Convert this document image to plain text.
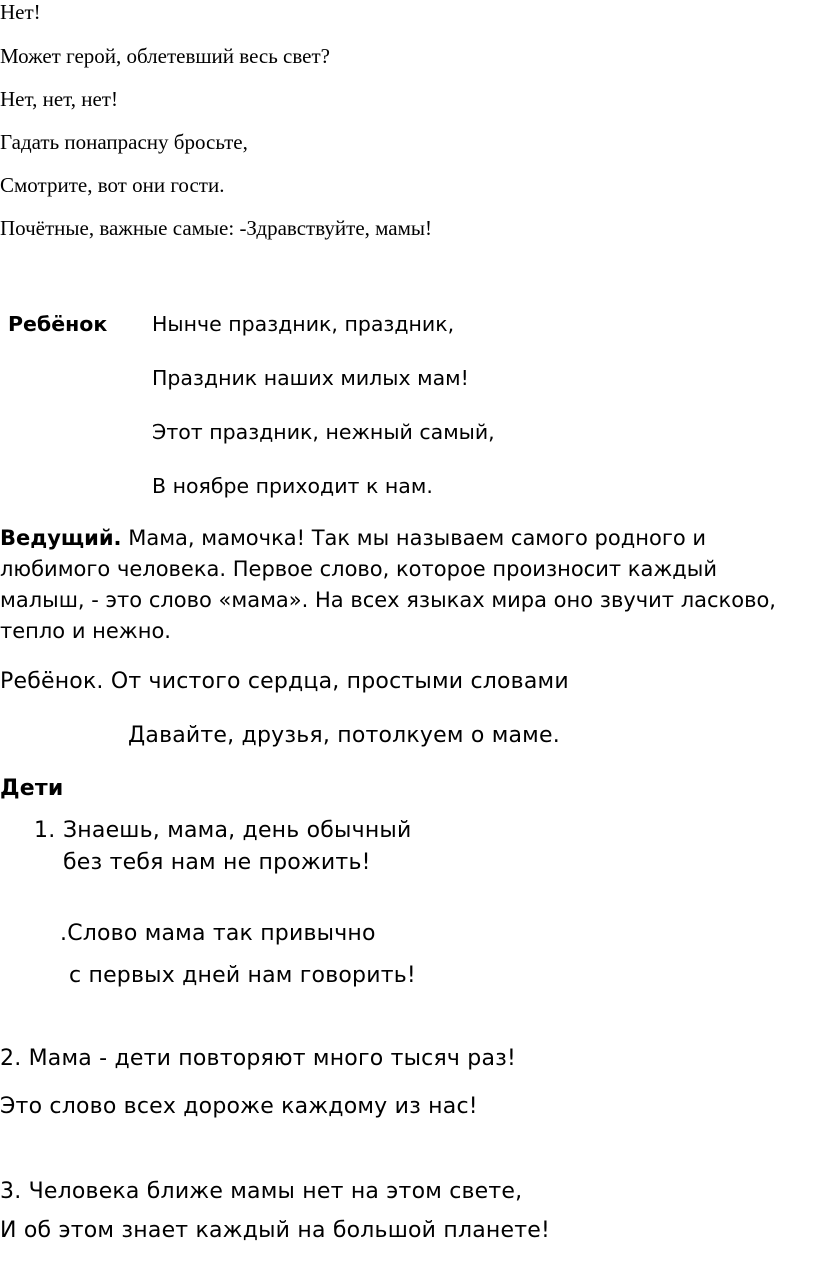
Нет!

Может герой, облетевший весь свет?

Нет, нет, нет!

Гадать понапрасну бросьте,

Смотрите, вот они гости.

Почётные, важные самые: -Здравствуйте, мамы!

Ребёнок Нынче праздник, праздник,

Праздник наших милых мам!

Этот праздник, нежный самый,

В ноябре приходит к нам.

Ведущий. Мама, мамочка! Так мы называем самого родного и
любимого человека. Первое слово, которое произносит каждый
малыш, - это слово «мама». На всех языках мира оно звучит ласково,
тепло и нежно.

Ребёнок. От чистого сердца, простыми словами

Давайте, друзья, потолкуем о маме.

Дети

1. Знаешь, мама, день обычный

без тебя нам не прожить!

.Слово мама так привычно

с первых дней нам говорить!

2. Мама - дети повторяют много тысяч раз!

Это слово всех дороже каждому из нас!

3. Человека ближе мамы нет на этом свете,

И об этом знает каждый на большой планете!
